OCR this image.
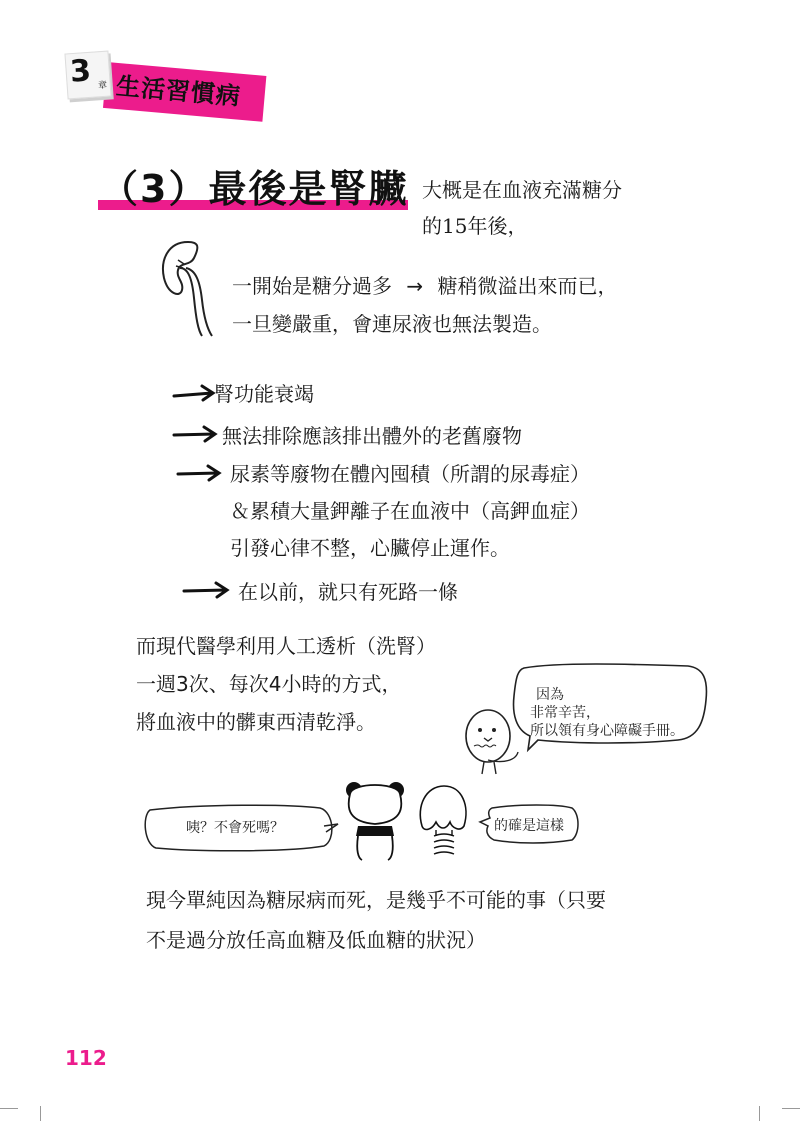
3 章 生活習慣病
（3）最後是腎臟 大概是在血液充滿糖分
的15年後，
一開始是糖分過多 → 糖稍微溢出來而已，
一旦變嚴重，會連尿液也無法製造。
腎功能衰竭
無法排除應該排出體外的老舊廢物
尿素等廢物在體內囤積（所謂的尿毒症）
＆累積大量鉀離子在血液中（高鉀血症）
引發心律不整，心臟停止運作。
在以前，就只有死路一條
而現代醫學利用人工透析（洗腎）
一週3次、每次4小時的方式，
將血液中的髒東西清乾淨。
因為
非常辛苦，
所以領有身心障礙手冊。
咦？不會死嗎？	的確是這樣
現今單純因為糖尿病而死，是幾乎不可能的事（只要
不是過分放任高血糖及低血糖的狀況）
112
